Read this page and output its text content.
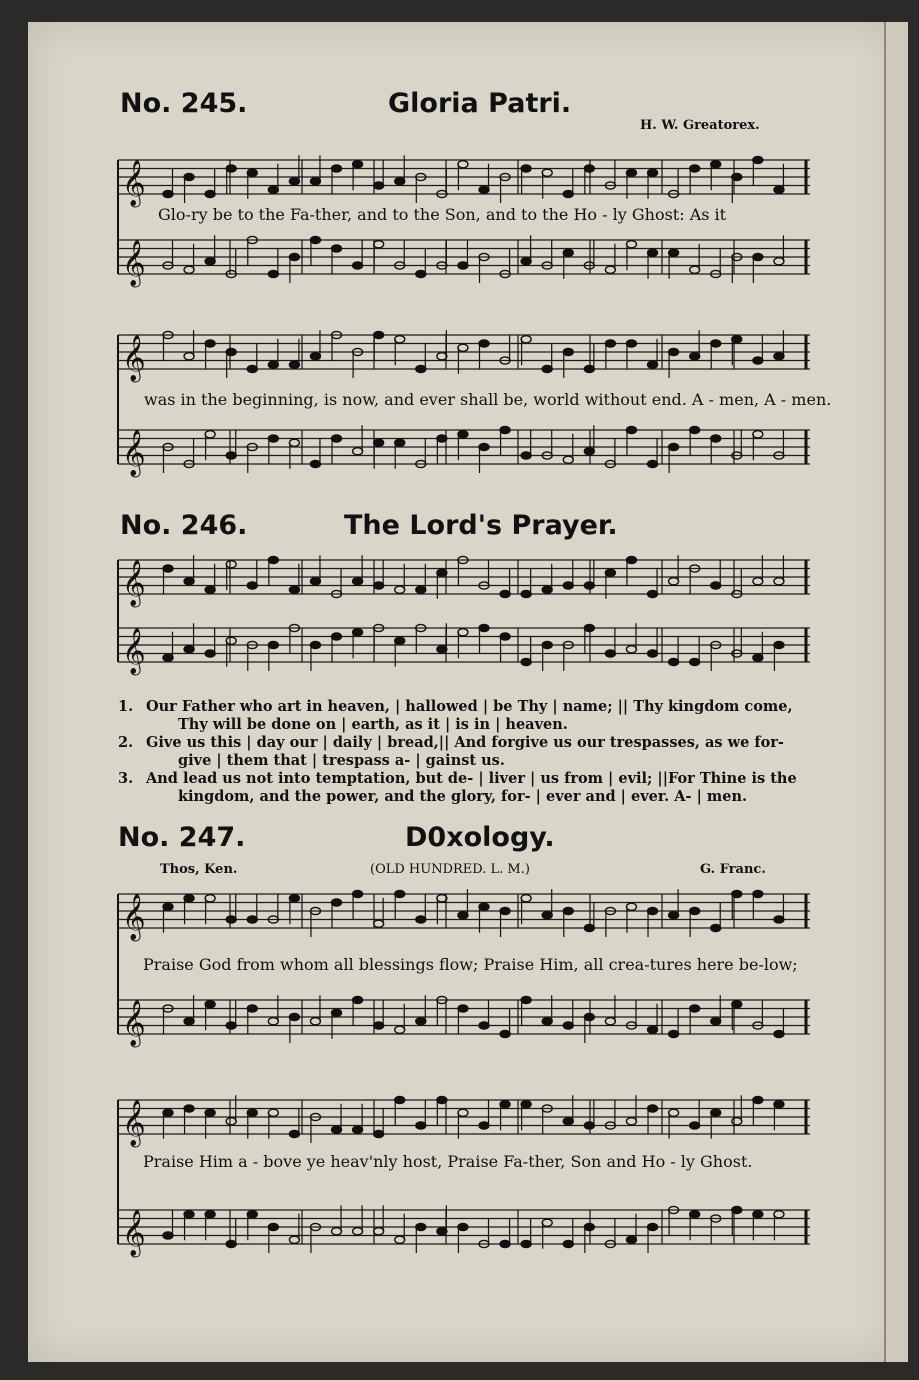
No. 245.	Gloria Patri.
H. W. Greatorex.
𝄞
𝄞
Glo-ry be to the Fa-ther, and to the Son, and to the Ho - ly Ghost: As it
𝄞
𝄞
was in the beginning, is now, and ever shall be, world without end. A - men, A - men.
No. 246.	The Lord's Prayer.
𝄞
𝄞
1. Our Father who art in heaven, | hallowed | be Thy | name; || Thy kingdom come, Thy will be done on | earth, as it | is in | heaven.
2. Give us this | day our | daily | bread,|| And forgive us our trespasses, as we for-give | them that | trespass a- | gainst us.
3. And lead us not into temptation, but de- | liver | us from | evil; ||For Thine is the kingdom, and the power, and the glory, for- | ever and | ever. A- | men.
No. 247.	D0xology.
Thos, Ken.	(OLD HUNDRED. L. M.)	G. Franc.
𝄞
𝄞
Praise God from whom all blessings flow; Praise Him, all crea-tures here be-low;
𝄞
𝄞
Praise Him a - bove ye heav'nly host, Praise Fa-ther, Son and Ho - ly Ghost.
